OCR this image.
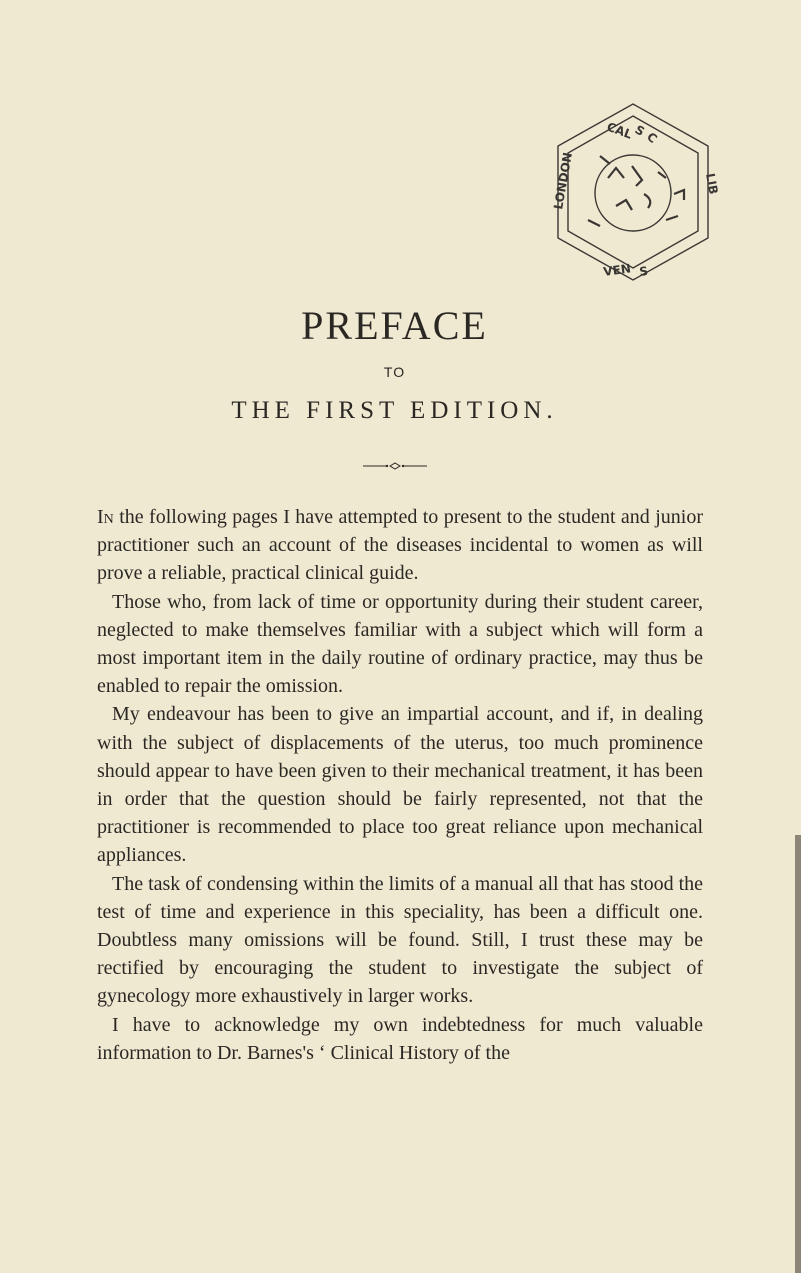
CAL
S
C
LONDON	LIB
VEN S
PREFACE
TO
THE FIRST EDITION.

In the following pages I have attempted to present to the student and junior practitioner such an account of the diseases incidental to women as will prove a reliable, practical clinical guide.

Those who, from lack of time or opportunity during their student career, neglected to make themselves familiar with a subject which will form a most important item in the daily routine of ordinary practice, may thus be enabled to repair the omission.

My endeavour has been to give an impartial account, and if, in dealing with the subject of displacements of the uterus, too much prominence should appear to have been given to their mechanical treatment, it has been in order that the question should be fairly represented, not that the practitioner is recommended to place too great reliance upon mechanical appliances.

The task of condensing within the limits of a manual all that has stood the test of time and experience in this speciality, has been a difficult one. Doubtless many omissions will be found. Still, I trust these may be rectified by encouraging the student to investigate the subject of gynecology more exhaustively in larger works.

I have to acknowledge my own indebtedness for much valuable information to Dr. Barnes's ‘ Clinical History of the
